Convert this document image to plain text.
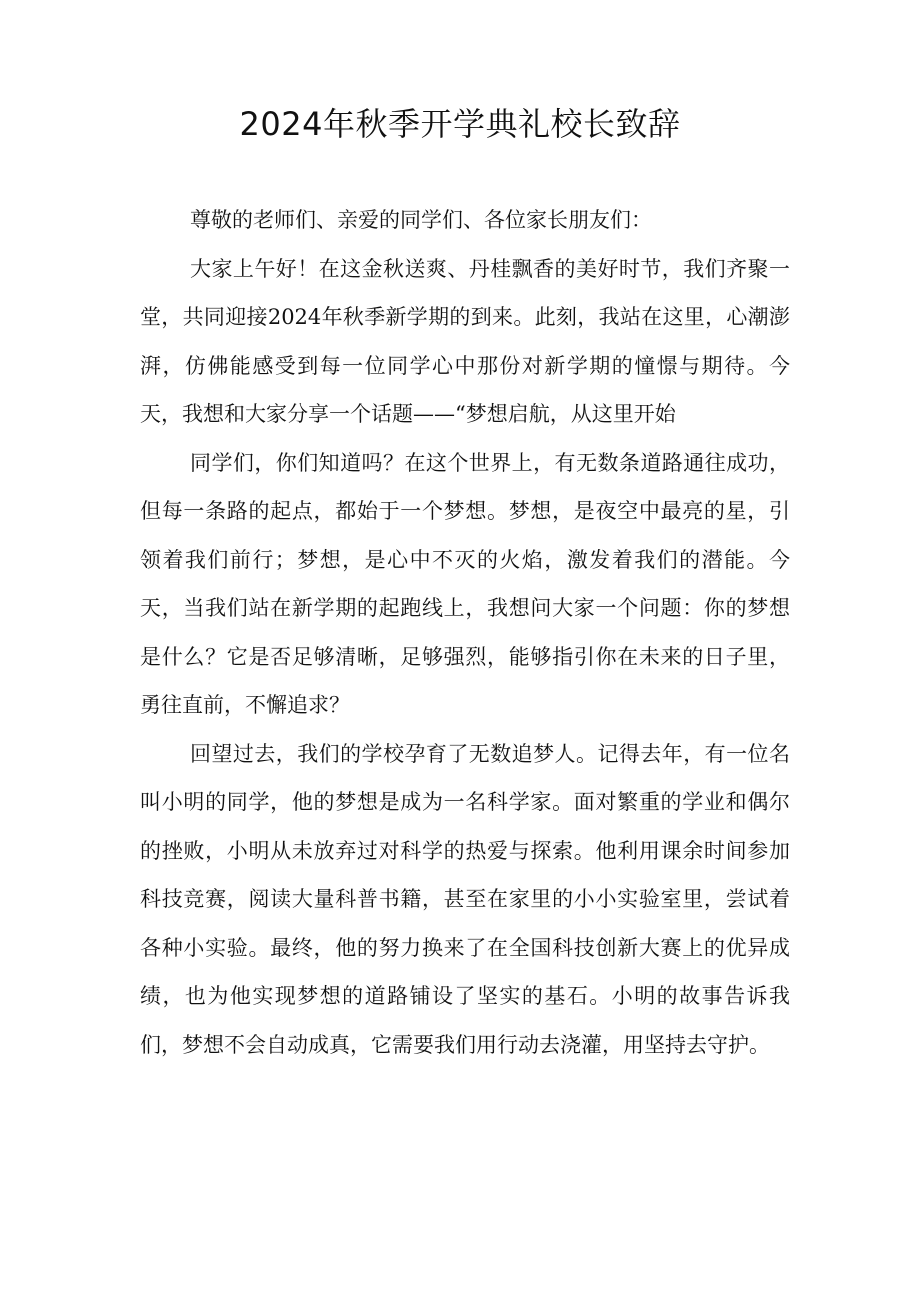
2024年秋季开学典礼校长致辞

尊敬的老师们、亲爱的同学们、各位家长朋友们：

大家上午好！在这金秋送爽、丹桂飘香的美好时节，我们齐聚一堂，共同迎接2024年秋季新学期的到来。此刻，我站在这里，心潮澎湃，仿佛能感受到每一位同学心中那份对新学期的憧憬与期待。今天，我想和大家分享一个话题——“梦想启航，从这里开始

同学们，你们知道吗？在这个世界上，有无数条道路通往成功，但每一条路的起点，都始于一个梦想。梦想，是夜空中最亮的星，引领着我们前行；梦想，是心中不灭的火焰，激发着我们的潜能。今天，当我们站在新学期的起跑线上，我想问大家一个问题：你的梦想是什么？它是否足够清晰，足够强烈，能够指引你在未来的日子里，勇往直前，不懈追求？

回望过去，我们的学校孕育了无数追梦人。记得去年，有一位名叫小明的同学，他的梦想是成为一名科学家。面对繁重的学业和偶尔的挫败，小明从未放弃过对科学的热爱与探索。他利用课余时间参加科技竞赛，阅读大量科普书籍，甚至在家里的小小实验室里，尝试着各种小实验。最终，他的努力换来了在全国科技创新大赛上的优异成绩，也为他实现梦想的道路铺设了坚实的基石。小明的故事告诉我们，梦想不会自动成真，它需要我们用行动去浇灌，用坚持去守护。
